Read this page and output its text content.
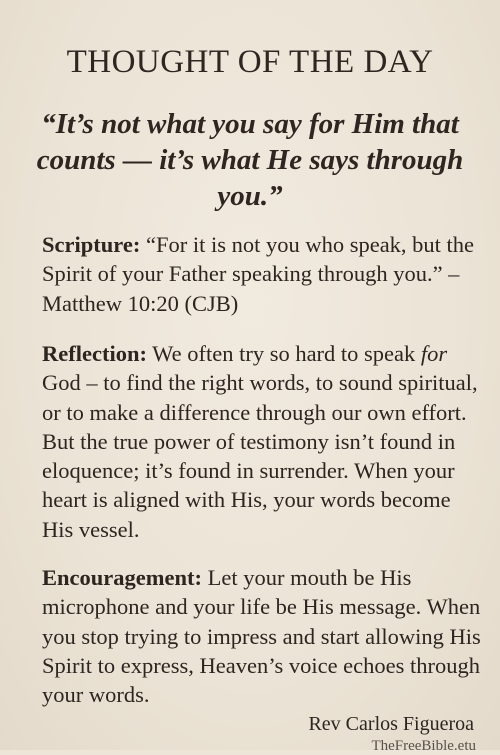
THOUGHT OF THE DAY
“It’s not what you say for Him that counts — it’s what He says through you.”
Scripture: “For it is not you who speak, but the Spirit of your Father speaking through you.” – Matthew 10:20 (CJB)
Reflection: We often try so hard to speak for God – to find the right words, to sound spiritual, or to make a difference through our own effort. But the true power of testimony isn’t found in eloquence; it’s found in surrender. When your heart is aligned with His, your words become His vessel.
Encouragement: Let your mouth be His microphone and your life be His message. When you stop trying to impress and start allowing His Spirit to express, Heaven’s voice echoes through your words.
Rev Carlos Figueroa
TheFreeBible.etu
